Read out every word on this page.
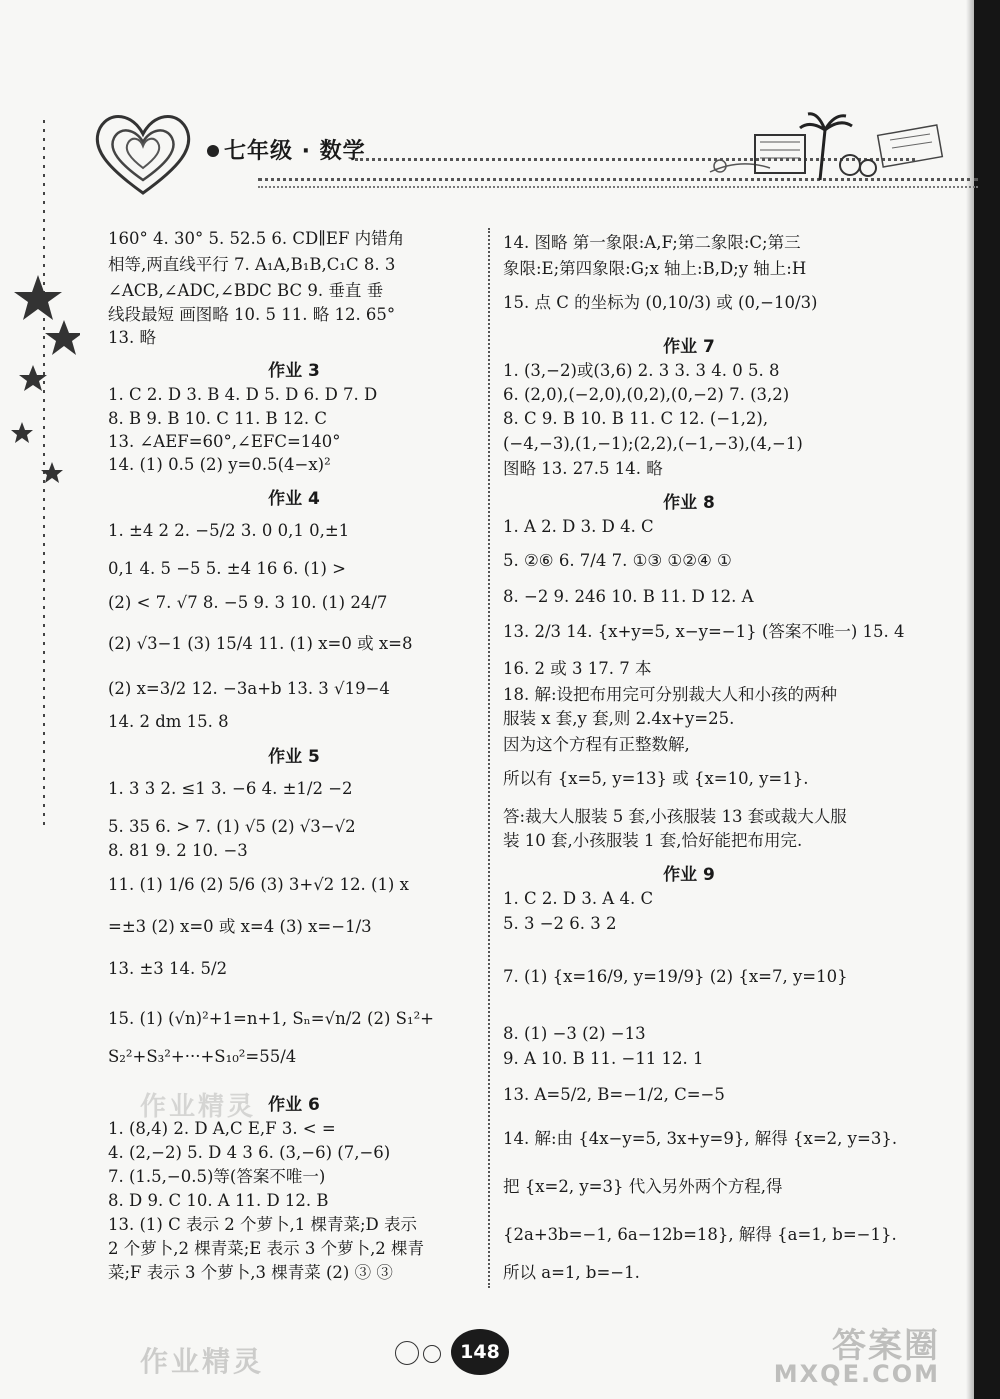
七年级 · 数学
160° 4. 30° 5. 52.5 6. CD∥EF 内错角
相等,两直线平行 7. A₁A,B₁B,C₁C 8. 3
∠ACB,∠ADC,∠BDC BC 9. 垂直 垂
线段最短 画图略 10. 5 11. 略 12. 65°
13. 略
作业 3
1. C 2. D 3. B 4. D 5. D 6. D 7. D
8. B 9. B 10. C 11. B 12. C
13. ∠AEF=60°,∠EFC=140°
14. (1) 0.5 (2) y=0.5(4−x)²
作业 4
1. ±4 2 2. −5/2 3. 0 0,1 0,±1
0,1 4. 5 −5 5. ±4 16 6. (1) >
(2) < 7. √7 8. −5 9. 3 10. (1) 24/7
(2) √3−1 (3) 15/4 11. (1) x=0 或 x=8
(2) x=3/2 12. −3a+b 13. 3 √19−4
14. 2 dm 15. 8
作业 5
1. 3 3 2. ≤1 3. −6 4. ±1/2 −2
5. 35 6. > 7. (1) √5 (2) √3−√2
8. 81 9. 2 10. −3
11. (1) 1/6 (2) 5/6 (3) 3+√2 12. (1) x
=±3 (2) x=0 或 x=4 (3) x=−1/3
13. ±3 14. 5/2
15. (1) (√n)²+1=n+1, Sₙ=√n/2 (2) S₁²+
S₂²+S₃²+···+S₁₀²=55/4
作业 6
1. (8,4) 2. D A,C E,F 3. < =
4. (2,−2) 5. D 4 3 6. (3,−6) (7,−6)
7. (1.5,−0.5)等(答案不唯一)
8. D 9. C 10. A 11. D 12. B
13. (1) C 表示 2 个萝卜,1 棵青菜;D 表示
2 个萝卜,2 棵青菜;E 表示 3 个萝卜,2 棵青
菜;F 表示 3 个萝卜,3 棵青菜 (2) ③ ③
14. 图略 第一象限:A,F;第二象限:C;第三
象限:E;第四象限:G;x 轴上:B,D;y 轴上:H
15. 点 C 的坐标为 (0,10/3) 或 (0,−10/3)
作业 7
1. (3,−2)或(3,6) 2. 3 3. 3 4. 0 5. 8
6. (2,0),(−2,0),(0,2),(0,−2) 7. (3,2)
8. C 9. B 10. B 11. C 12. (−1,2),
(−4,−3),(1,−1);(2,2),(−1,−3),(4,−1)
图略 13. 27.5 14. 略
作业 8
1. A 2. D 3. D 4. C
5. ②⑥ 6. 7/4 7. ①③ ①②④ ①
8. −2 9. 246 10. B 11. D 12. A
13. 2/3 14. {x+y=5, x−y=−1} (答案不唯一) 15. 4
16. 2 或 3 17. 7 本
18. 解:设把布用完可分别裁大人和小孩的两种
服装 x 套,y 套,则 2.4x+y=25.
因为这个方程有正整数解,
所以有 {x=5, y=13} 或 {x=10, y=1}.
答:裁大人服装 5 套,小孩服装 13 套或裁大人服
装 10 套,小孩服装 1 套,恰好能把布用完.
作业 9
1. C 2. D 3. A 4. C
5. 3 −2 6. 3 2
7. (1) {x=16/9, y=19/9} (2) {x=7, y=10}
8. (1) −3 (2) −13
9. A 10. B 11. −11 12. 1
13. A=5/2, B=−1/2, C=−5
14. 解:由 {4x−y=5, 3x+y=9}, 解得 {x=2, y=3}.
把 {x=2, y=3} 代入另外两个方程,得
{2a+3b=−1, 6a−12b=18}, 解得 {a=1, b=−1}.
所以 a=1, b=−1.
作业精灵
148
作业精灵	答案圈
MXQE.COM
